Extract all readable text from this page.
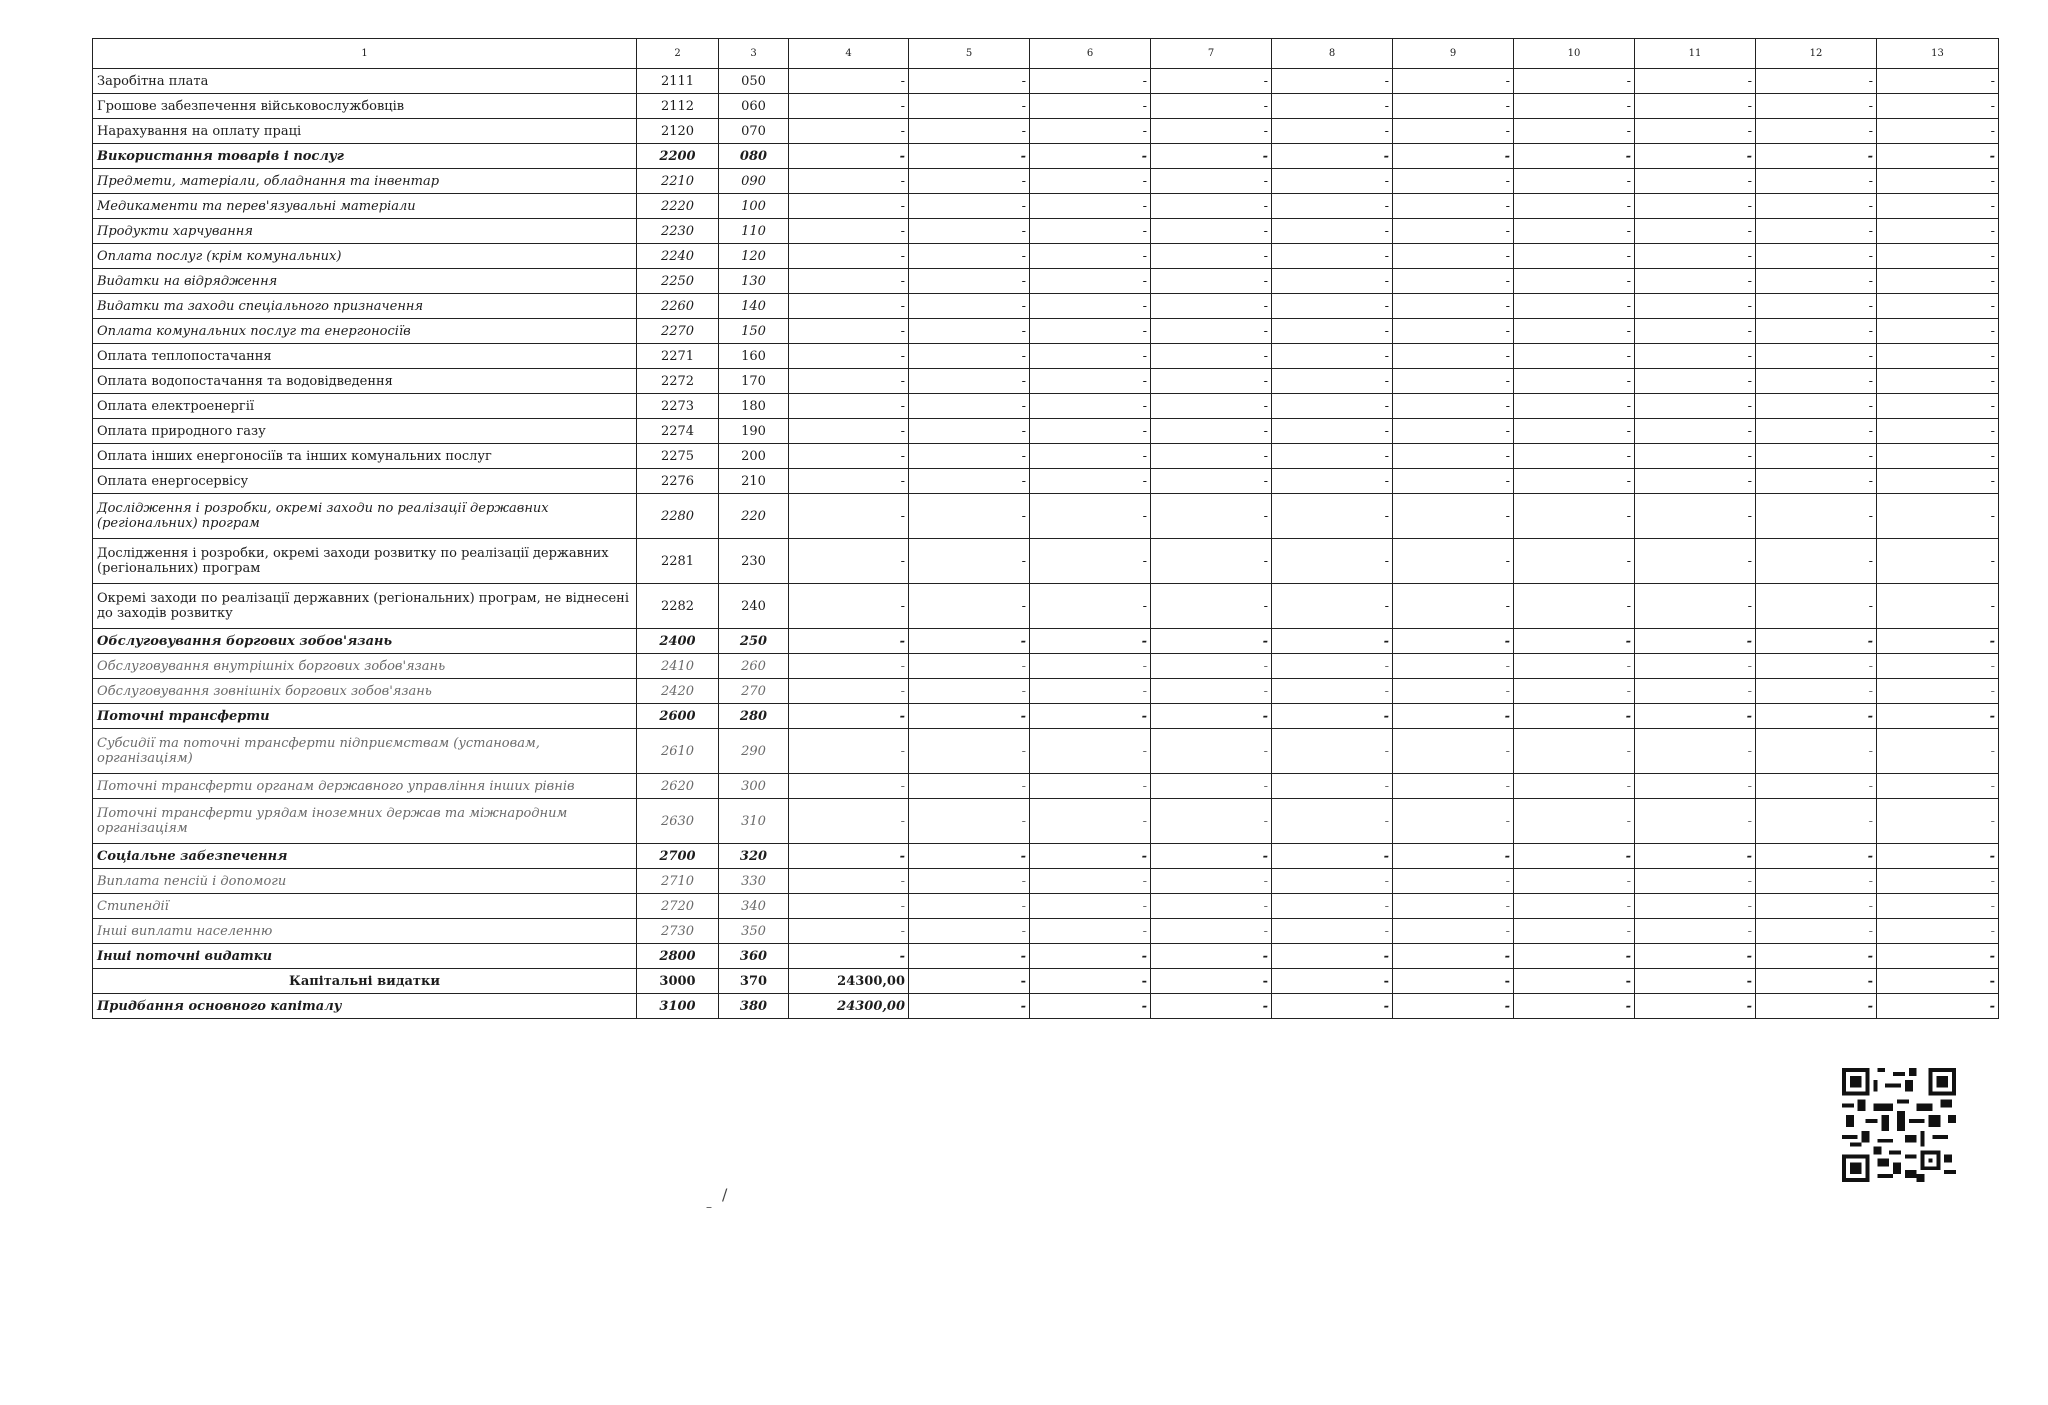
1	2	3	4	5	6	7	8	9	10	11	12	13
Заробітна плата	2111	050	-	-	-	-	-	-	-	-	-	-
Грошове забезпечення військовослужбовців	2112	060	-	-	-	-	-	-	-	-	-	-
Нарахування на оплату праці	2120	070	-	-	-	-	-	-	-	-	-	-
Використання товарів і послуг	2200	080	-	-	-	-	-	-	-	-	-	-
Предмети, матеріали, обладнання та інвентар	2210	090	-	-	-	-	-	-	-	-	-	-
Медикаменти та перев'язувальні матеріали	2220	100	-	-	-	-	-	-	-	-	-	-
Продукти харчування	2230	110	-	-	-	-	-	-	-	-	-	-
Оплата послуг (крім комунальних)	2240	120	-	-	-	-	-	-	-	-	-	-
Видатки на відрядження	2250	130	-	-	-	-	-	-	-	-	-	-
Видатки та заходи спеціального призначення	2260	140	-	-	-	-	-	-	-	-	-	-
Оплата комунальних послуг та енергоносіїв	2270	150	-	-	-	-	-	-	-	-	-	-
Оплата теплопостачання	2271	160	-	-	-	-	-	-	-	-	-	-
Оплата водопостачання та водовідведення	2272	170	-	-	-	-	-	-	-	-	-	-
Оплата електроенергії	2273	180	-	-	-	-	-	-	-	-	-	-
Оплата природного газу	2274	190	-	-	-	-	-	-	-	-	-	-
Оплата інших енергоносіїв та інших комунальних послуг	2275	200	-	-	-	-	-	-	-	-	-	-
Оплата енергосервісу	2276	210	-	-	-	-	-	-	-	-	-	-
Дослідження і розробки, окремі заходи по реалізації державних (регіональних) програм	2280	220	-	-	-	-	-	-	-	-	-	-
Дослідження і розробки, окремі заходи розвитку по реалізації державних (регіональних) програм	2281	230	-	-	-	-	-	-	-	-	-	-
Окремі заходи по реалізації державних (регіональних) програм, не віднесені до заходів розвитку	2282	240	-	-	-	-	-	-	-	-	-	-
Обслуговування боргових зобов'язань	2400	250	-	-	-	-	-	-	-	-	-	-
Обслуговування внутрішніх боргових зобов'язань	2410	260	-	-	-	-	-	-	-	-	-	-
Обслуговування зовнішніх боргових зобов'язань	2420	270	-	-	-	-	-	-	-	-	-	-
Поточні трансферти	2600	280	-	-	-	-	-	-	-	-	-	-
Субсидії та поточні трансферти підприємствам (установам, організаціям)	2610	290	-	-	-	-	-	-	-	-	-	-
Поточні трансферти органам державного управління інших рівнів	2620	300	-	-	-	-	-	-	-	-	-	-
Поточні трансферти урядам іноземних держав та міжнародним організаціям	2630	310	-	-	-	-	-	-	-	-	-	-
Соціальне забезпечення	2700	320	-	-	-	-	-	-	-	-	-	-
Виплата пенсій і допомоги	2710	330	-	-	-	-	-	-	-	-	-	-
Стипендії	2720	340	-	-	-	-	-	-	-	-	-	-
Інші виплати населенню	2730	350	-	-	-	-	-	-	-	-	-	-
Інші поточні видатки	2800	360	-	-	-	-	-	-	-	-	-	-
Капітальні видатки	3000	370	24300,00	-	-	-	-	-	-	-	-	-
Придбання основного капіталу	3100	380	24300,00	-	-	-	-	-	-	-	-	-
/
–
